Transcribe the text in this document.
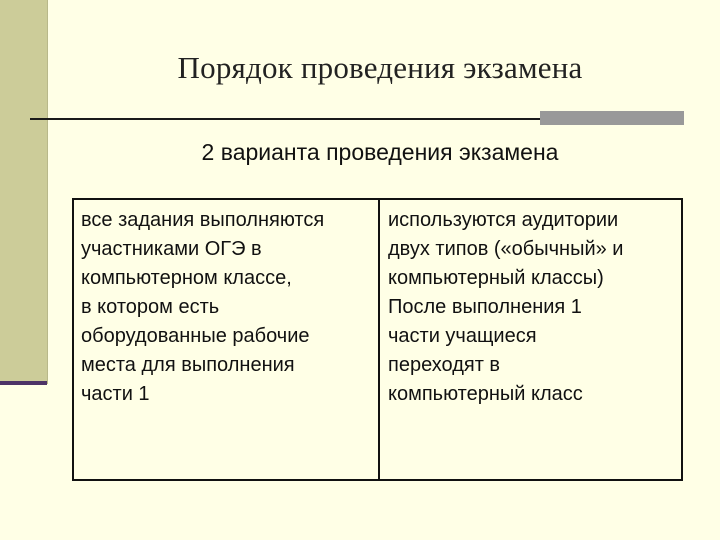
Порядок проведения экзамена
2 варианта проведения экзамена
все задания выполняются
участниками ОГЭ в
компьютерном классе,
в котором есть
оборудованные рабочие
места для выполнения
части 1
используются аудитории
двух типов («обычный» и
компьютерный классы)
После выполнения 1
части учащиеся
переходят в
компьютерный класс
